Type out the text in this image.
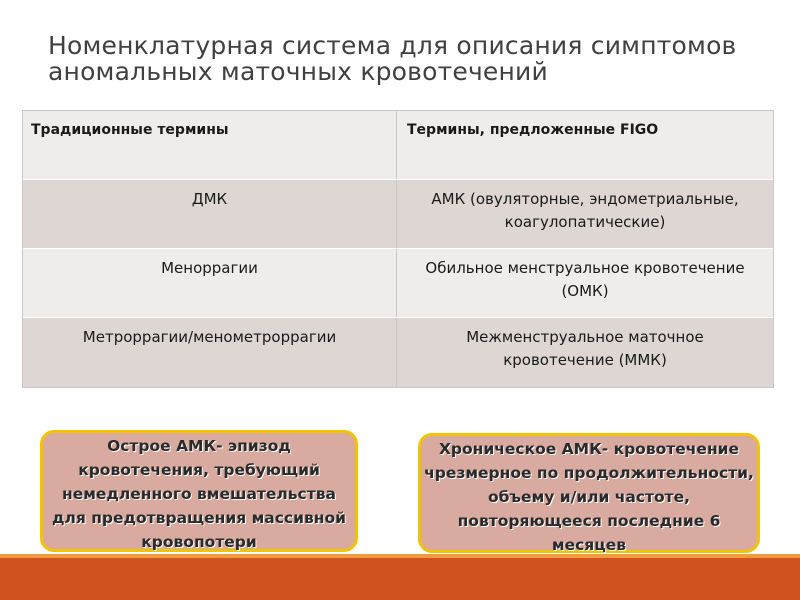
Номенклатурная система для описания симптомов
аномальных маточных кровотечений
Традиционные термины	Термины, предложенные FIGO
ДМК	АМК (овуляторные, эндометриальные,
коагулопатические)
Меноррагии	Обильное менструальное кровотечение
(ОМК)
Метроррагии/менометроррагии	Межменструальное маточное
кровотечение (ММК)
Острое АМК- эпизод
кровотечения, требующий
немедленного вмешательства
для предотвращения массивной
кровопотери
Хроническое АМК- кровотечение
чрезмерное по продолжительности,
объему и/или частоте,
повторяющееся последние 6
месяцев
